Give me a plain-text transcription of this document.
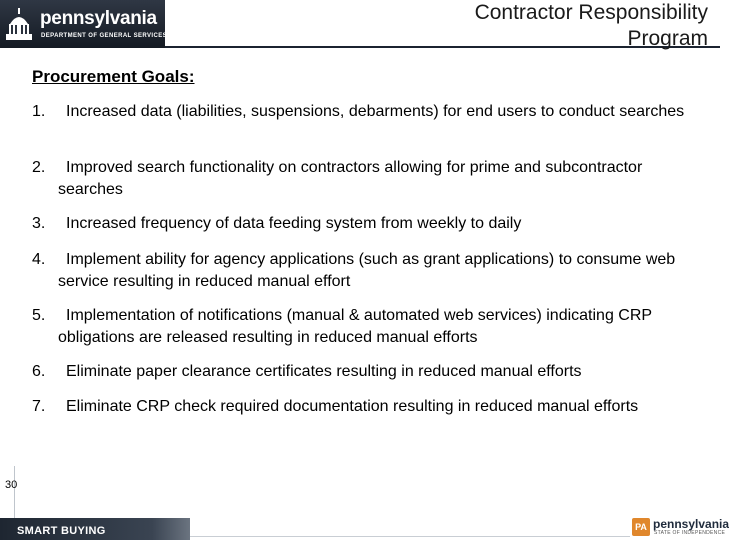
pennsylvania
DEPARTMENT OF GENERAL SERVICES
Contractor Responsibility
Program
Procurement Goals:
1.	Increased data (liabilities, suspensions, debarments) for end users to conduct searches
2.	Improved search functionality on contractors allowing for prime and subcontractor searches
3.	Increased frequency of data feeding system from weekly to daily
4.	Implement ability for agency applications (such as grant applications) to consume web service resulting in reduced manual effort
5.	Implementation of notifications (manual & automated web services) indicating CRP obligations are released resulting in reduced manual efforts
6.	Eliminate paper clearance certificates resulting in reduced manual efforts
7.	Eliminate CRP check required documentation resulting in reduced manual efforts
30
SMART BUYING	PA pennsylvania
STATE OF INDEPENDENCE
